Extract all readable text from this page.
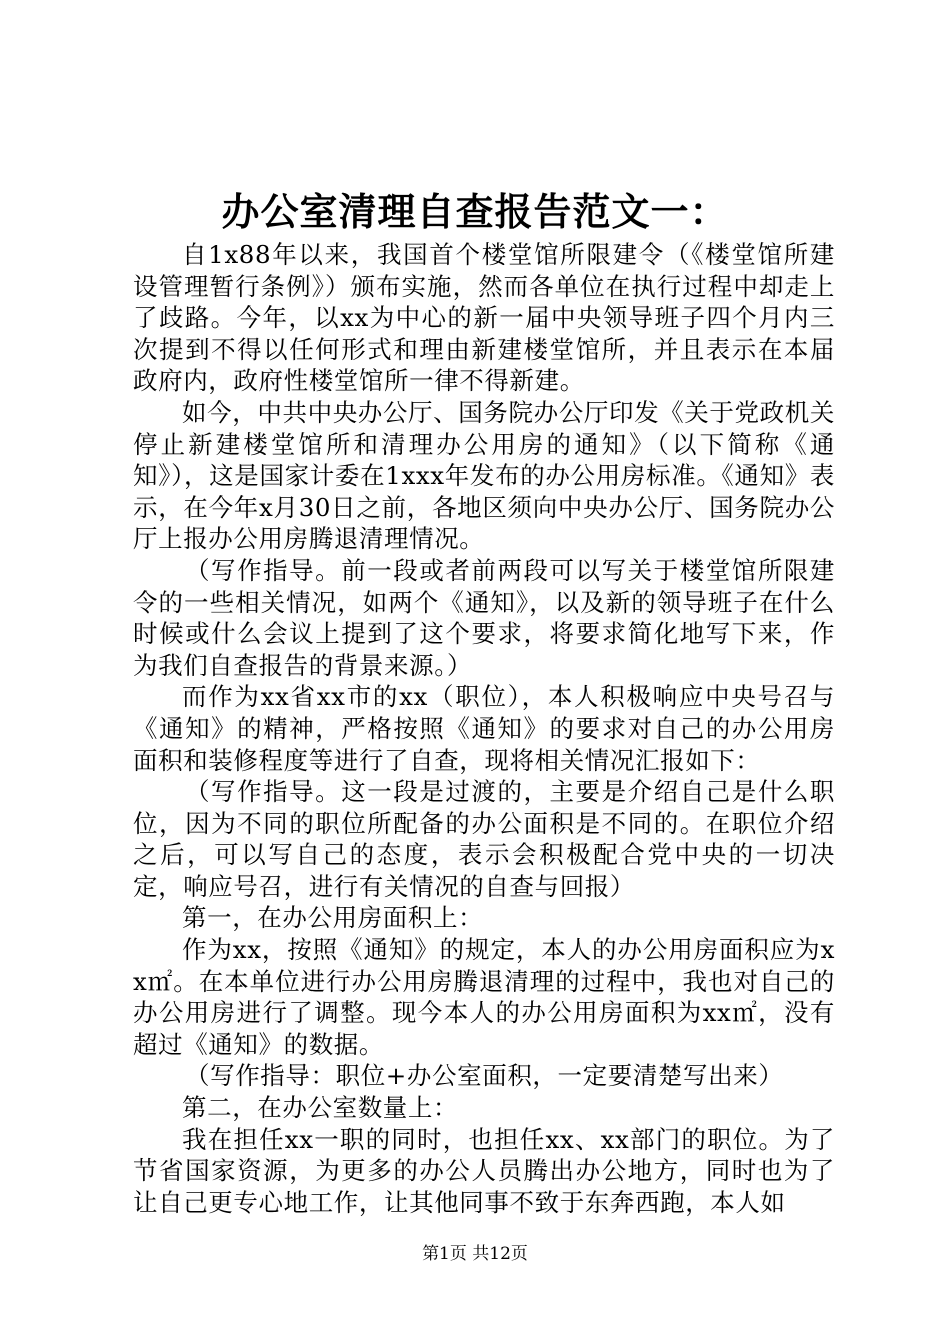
办公室清理自查报告范文一：

自1x88年以来，我国首个楼堂馆所限建令（《楼堂馆所建设管理暂行条例》）颁布实施，然而各单位在执行过程中却走上了歧路。今年，以xx为中心的新一届中央领导班子四个月内三次提到不得以任何形式和理由新建楼堂馆所，并且表示在本届政府内，政府性楼堂馆所一律不得新建。

如今，中共中央办公厅、国务院办公厅印发《关于党政机关停止新建楼堂馆所和清理办公用房的通知》（以下简称《通知》），这是国家计委在1xxx年发布的办公用房标准。《通知》表示，在今年x月30日之前，各地区须向中央办公厅、国务院办公厅上报办公用房腾退清理情况。

（写作指导。前一段或者前两段可以写关于楼堂馆所限建令的一些相关情况，如两个《通知》，以及新的领导班子在什么时候或什么会议上提到了这个要求，将要求简化地写下来，作为我们自查报告的背景来源。）

而作为xx省xx市的xx（职位），本人积极响应中央号召与《通知》的精神，严格按照《通知》的要求对自己的办公用房面积和装修程度等进行了自查，现将相关情况汇报如下：

（写作指导。这一段是过渡的，主要是介绍自己是什么职位，因为不同的职位所配备的办公面积是不同的。在职位介绍之后，可以写自己的态度，表示会积极配合党中央的一切决定，响应号召，进行有关情况的自查与回报）

第一，在办公用房面积上：

作为xx，按照《通知》的规定，本人的办公用房面积应为xx㎡。在本单位进行办公用房腾退清理的过程中，我也对自己的办公用房进行了调整。现今本人的办公用房面积为xx㎡，没有超过《通知》的数据。

（写作指导：职位+办公室面积，一定要清楚写出来）

第二，在办公室数量上：

我在担任xx一职的同时，也担任xx、xx部门的职位。为了节省国家资源，为更多的办公人员腾出办公地方，同时也为了让自己更专心地工作，让其他同事不致于东奔西跑，本人如

第1页 共12页
